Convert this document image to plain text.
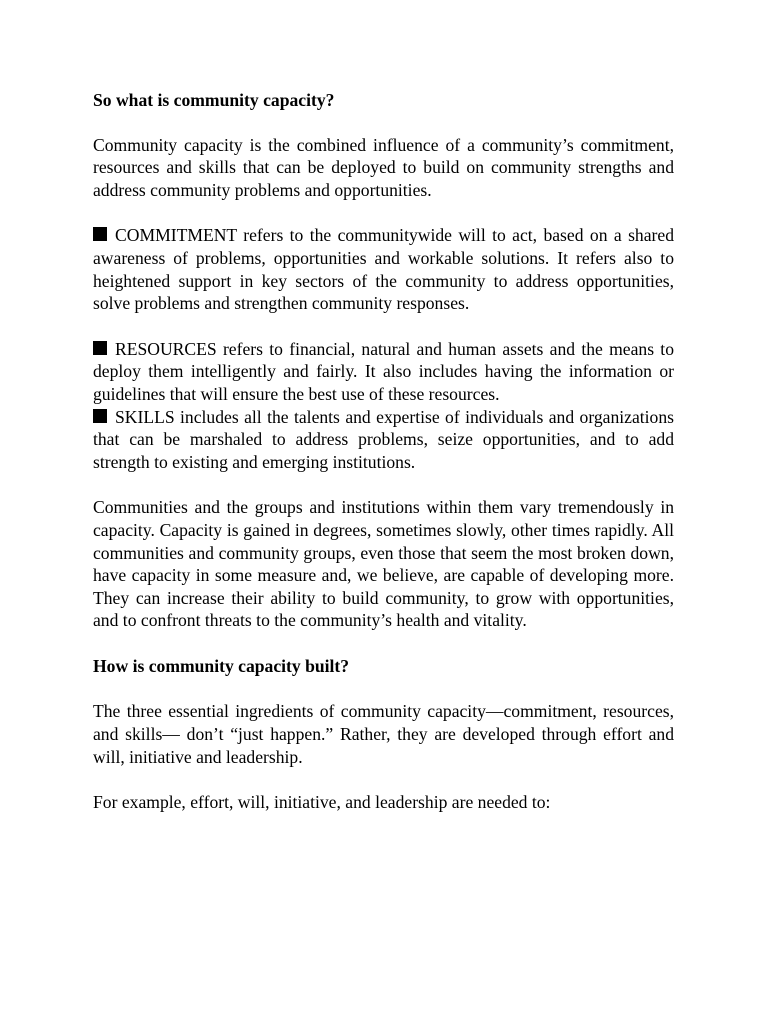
So what is community capacity?

Community capacity is the combined influence of a community’s commitment, resources and skills that can be deployed to build on community strengths and address community problems and opportunities.

COMMITMENT refers to the communitywide will to act, based on a shared awareness of problems, opportunities and workable solutions. It refers also to heightened support in key sectors of the community to address opportunities, solve problems and strengthen community responses.

RESOURCES refers to financial, natural and human assets and the means to deploy them intelligently and fairly. It also includes having the information or guidelines that will ensure the best use of these resources.

SKILLS includes all the talents and expertise of individuals and organizations that can be marshaled to address problems, seize opportunities, and to add strength to existing and emerging institutions.

Communities and the groups and institutions within them vary tremendously in capacity. Capacity is gained in degrees, sometimes slowly, other times rapidly. All communities and community groups, even those that seem the most broken down, have capacity in some measure and, we believe, are capable of developing more. They can increase their ability to build community, to grow with opportunities, and to confront threats to the community’s health and vitality.

How is community capacity built?

The three essential ingredients of community capacity—commitment, resources, and skills— don’t “just happen.” Rather, they are developed through effort and will, initiative and leadership.

For example, effort, will, initiative, and leadership are needed to:
